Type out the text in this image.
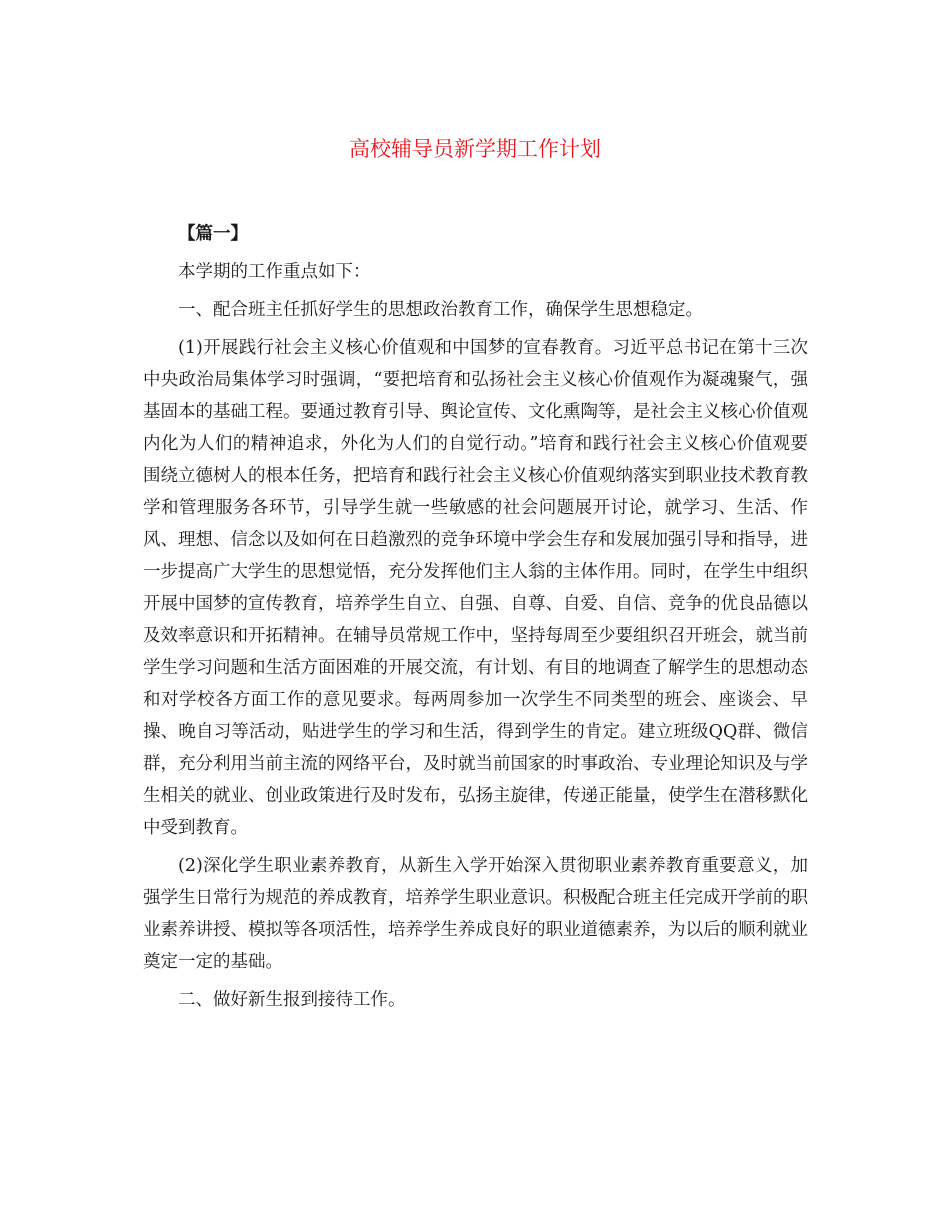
高校辅导员新学期工作计划

【篇一】

本学期的工作重点如下：

一、配合班主任抓好学生的思想政治教育工作，确保学生思想稳定。

(1)开展践行社会主义核心价值观和中国梦的宣春教育。习近平总书记在第十三次中央政治局集体学习时强调，“要把培育和弘扬社会主义核心价值观作为凝魂聚气，强基固本的基础工程。要通过教育引导、舆论宣传、文化熏陶等，是社会主义核心价值观内化为人们的精神追求，外化为人们的自觉行动。”培育和践行社会主义核心价值观要围绕立德树人的根本任务，把培育和践行社会主义核心价值观纳落实到职业技术教育教学和管理服务各环节，引导学生就一些敏感的社会问题展开讨论，就学习、生活、作风、理想、信念以及如何在日趋激烈的竞争环境中学会生存和发展加强引导和指导，进一步提高广大学生的思想觉悟，充分发挥他们主人翁的主体作用。同时，在学生中组织开展中国梦的宣传教育，培养学生自立、自强、自尊、自爱、自信、竞争的优良品德以及效率意识和开拓精神。在辅导员常规工作中，坚持每周至少要组织召开班会，就当前学生学习问题和生活方面困难的开展交流，有计划、有目的地调查了解学生的思想动态和对学校各方面工作的意见要求。每两周参加一次学生不同类型的班会、座谈会、早操、晚自习等活动，贴进学生的学习和生活，得到学生的肯定。建立班级QQ群、微信群，充分利用当前主流的网络平台，及时就当前国家的时事政治、专业理论知识及与学生相关的就业、创业政策进行及时发布，弘扬主旋律，传递正能量，使学生在潜移默化中受到教育。

(2)深化学生职业素养教育，从新生入学开始深入贯彻职业素养教育重要意义，加强学生日常行为规范的养成教育，培养学生职业意识。积极配合班主任完成开学前的职业素养讲授、模拟等各项活性，培养学生养成良好的职业道德素养，为以后的顺利就业奠定一定的基础。

二、做好新生报到接待工作。
